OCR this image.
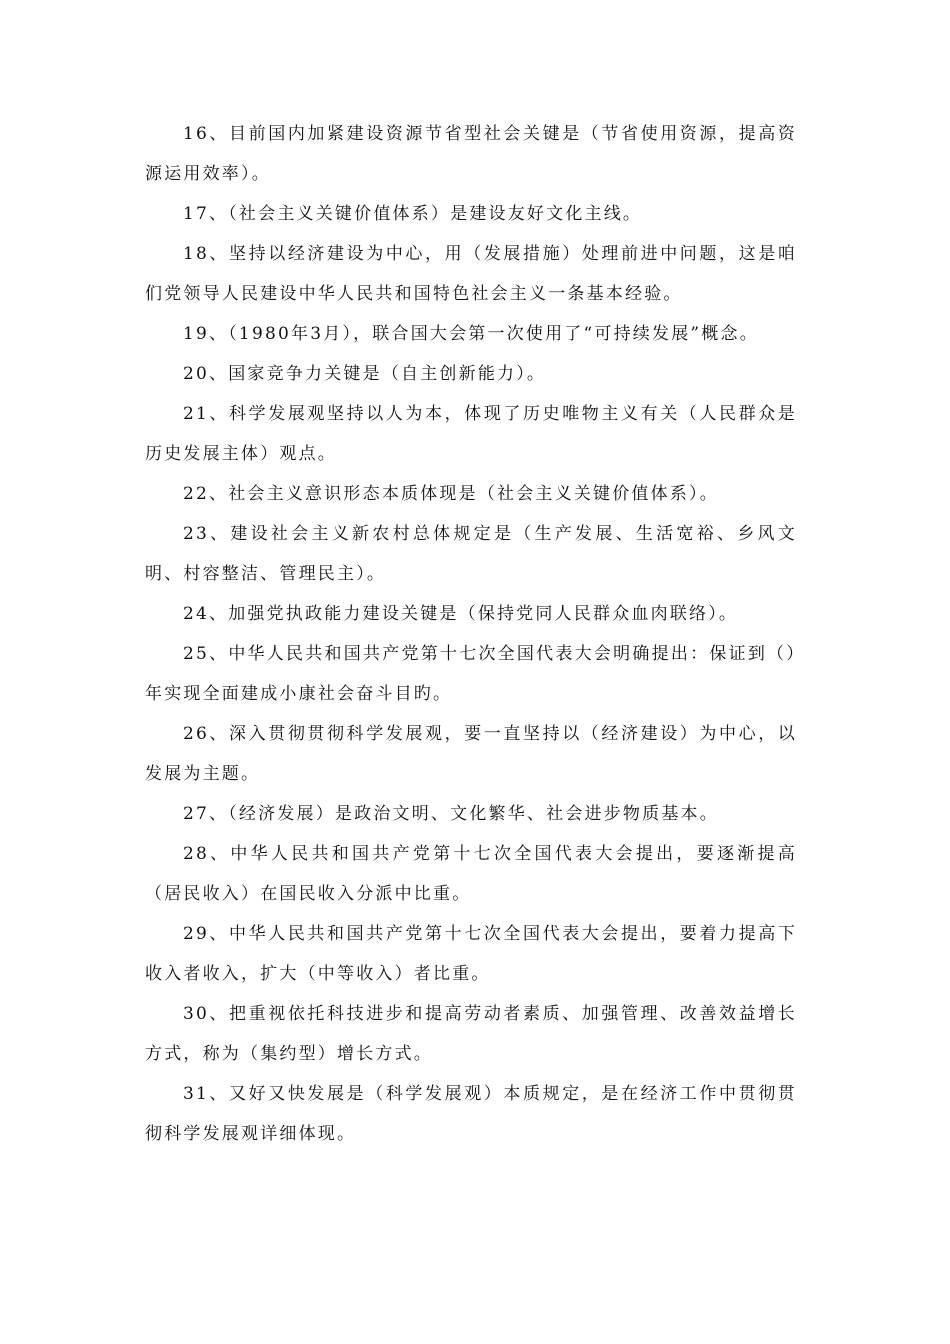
16、目前国内加紧建设资源节省型社会关键是（节省使用资源，提高资源运用效率）。

17、（社会主义关键价值体系）是建设友好文化主线。

18、坚持以经济建设为中心，用（发展措施）处理前进中问题，这是咱们党领导人民建设中华人民共和国特色社会主义一条基本经验。

19、（1980年3月），联合国大会第一次使用了“可持续发展”概念。

20、国家竞争力关键是（自主创新能力）。

21、科学发展观坚持以人为本，体现了历史唯物主义有关（人民群众是历史发展主体）观点。

22、社会主义意识形态本质体现是（社会主义关键价值体系）。

23、建设社会主义新农村总体规定是（生产发展、生活宽裕、乡风文明、村容整洁、管理民主）。

24、加强党执政能力建设关键是（保持党同人民群众血肉联络）。

25、中华人民共和国共产党第十七次全国代表大会明确提出：保证到（）年实现全面建成小康社会奋斗目旳。

26、深入贯彻贯彻科学发展观，要一直坚持以（经济建设）为中心，以发展为主题。

27、（经济发展）是政治文明、文化繁华、社会进步物质基本。

28、中华人民共和国共产党第十七次全国代表大会提出，要逐渐提高（居民收入）在国民收入分派中比重。

29、中华人民共和国共产党第十七次全国代表大会提出，要着力提高下收入者收入，扩大（中等收入）者比重。

30、把重视依托科技进步和提高劳动者素质、加强管理、改善效益增长方式，称为（集约型）增长方式。

31、又好又快发展是（科学发展观）本质规定，是在经济工作中贯彻贯彻科学发展观详细体现。
